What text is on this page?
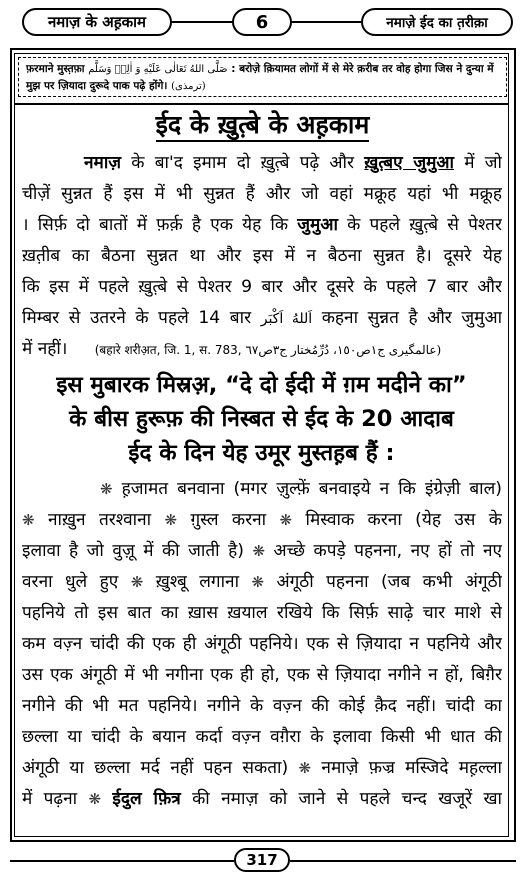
नमाज़ के अह़काम	6	नमाज़े ईद का त़रीक़ा
फ़रमाने मुस्त़फ़ा صَلَّى اللهُ تَعَالٰى عَلَيْهِ وَ اٰلِهٖ وَسَلَّم : बरोज़े क़ियामत लोगों में से मेरे क़रीब तर वोह होगा जिस ने दुन्या में
मुझ पर ज़ियादा दुरूदे पाक पढ़े होंगे। (ترمذی)
ईद के ख़ुत़्बे के अह़काम
नमाज़ के बा'द इमाम दो ख़ुत़्बे पढ़े और ख़ुत़्बए जुमुआ में जो
चीज़ें सुन्नत हैं इस में भी सुन्नत हैं और जो वहां मक्रूह यहां भी मक्रूह
। सिर्फ़ दो बातों में फ़र्क़ है एक येह कि जुमुआ के पहले ख़ुत़्बे से पेश्तर
ख़त़ीब का बैठना सुन्नत था और इस में न बैठना सुन्नत है। दूसरे येह
कि इस में पहले ख़ुत़्बे से पेश्तर 9 बार और दूसरे के पहले 7 बार और
मिम्बर से उतरने के पहले 14 बार اَللهُ اَكْبَر कहना सुन्नत है और जुमुआ
में नहीं। (बहारे शरीअ़त, जि. 1, स. 783, عالمگیری ج١ص١٥٠، دُرِّمُختار ج٣ص٦٧)
इस मुबारक मिस्रअ़, “दे दो ईदी में ग़म मदीने का”
के बीस हुरूफ़ की निस्बत से ईद के 20 आदाब
ईद के दिन येह उमूर मुस्तह़ब हैं :
❋ ह़जामत बनवाना (मगर ज़ुल्फ़ें बनवाइये न कि इंग्रेज़ी बाल)
❋ नाख़ुन तरश्वाना ❋ ग़ुस्ल करना ❋ मिस्वाक करना (येह उस के
इलावा है जो वुज़ू में की जाती है) ❋ अच्छे कपड़े पहनना, नए हों तो नए
वरना धुले हुए ❋ ख़ुश्बू लगाना ❋ अंगूठी पहनना (जब कभी अंगूठी
पहनिये तो इस बात का ख़ास ख़याल रखिये कि सिर्फ़ साढ़े चार माशे से
कम वज़्न चांदी की एक ही अंगूठी पहनिये। एक से ज़ियादा न पहनिये और
उस एक अंगूठी में भी नगीना एक ही हो, एक से ज़ियादा नगीने न हों, बिग़ैर
नगीने की भी मत पहनिये। नगीने के वज़्न की कोई क़ैद नहीं। चांदी का
छल्ला या चांदी के बयान कर्दा वज़्न वग़ैरा के इलावा किसी भी धात की
अंगूठी या छल्ला मर्द नहीं पहन सकता) ❋ नमाज़े फ़ज्र मस्जिदे मह़ल्ला
में पढ़ना ❋ ईदुल फ़ित्र की नमाज़ को जाने से पहले चन्द खजूरें खा
317
